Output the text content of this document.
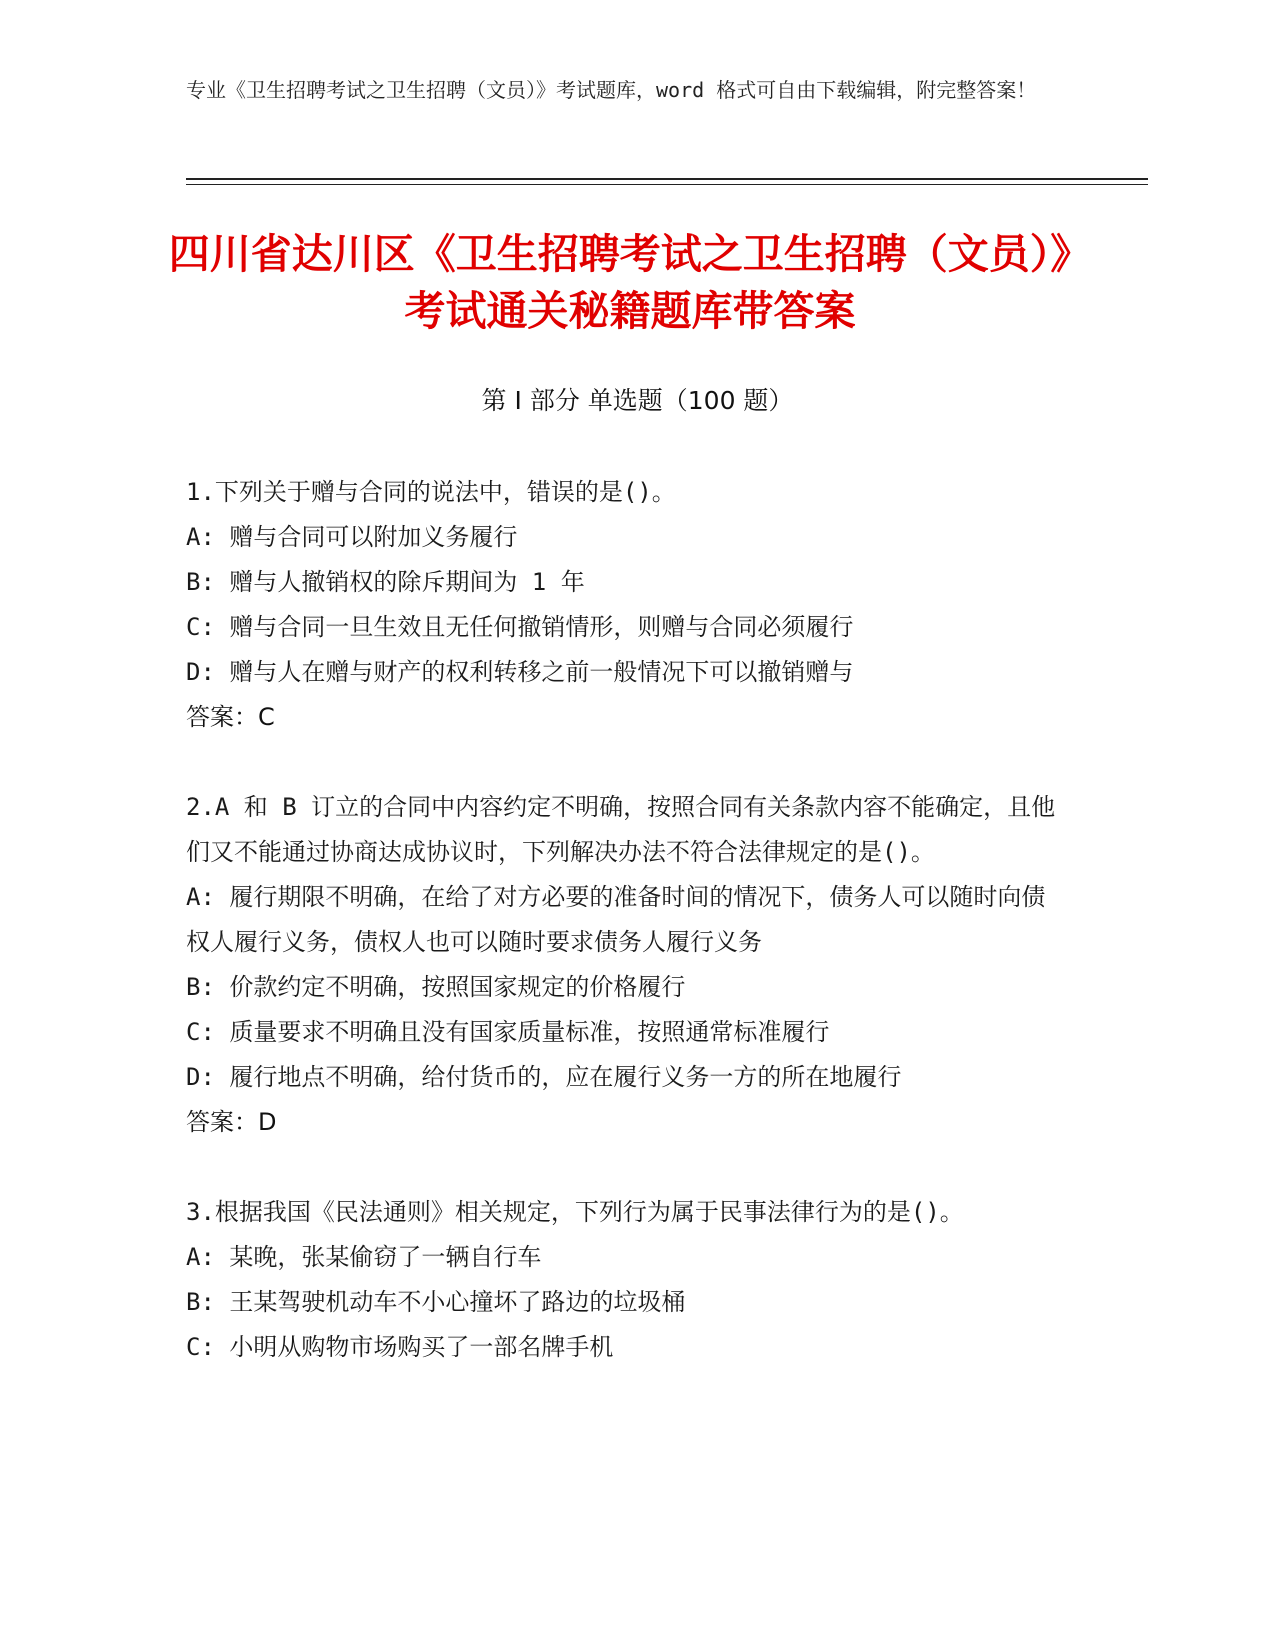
专业《卫生招聘考试之卫生招聘（文员）》考试题库，word 格式可自由下载编辑，附完整答案！
四川省达川区《卫生招聘考试之卫生招聘（文员）》考试通关秘籍题库带答案
第 I 部分 单选题（100 题）
1.下列关于赠与合同的说法中，错误的是()。
A: 赠与合同可以附加义务履行
B: 赠与人撤销权的除斥期间为 1 年
C: 赠与合同一旦生效且无任何撤销情形，则赠与合同必须履行
D: 赠与人在赠与财产的权利转移之前一般情况下可以撤销赠与
答案：C
2.A 和 B 订立的合同中内容约定不明确，按照合同有关条款内容不能确定，且他们又不能通过协商达成协议时，下列解决办法不符合法律规定的是()。
A: 履行期限不明确，在给了对方必要的准备时间的情况下，债务人可以随时向债权人履行义务，债权人也可以随时要求债务人履行义务
B: 价款约定不明确，按照国家规定的价格履行
C: 质量要求不明确且没有国家质量标准，按照通常标准履行
D: 履行地点不明确，给付货币的，应在履行义务一方的所在地履行
答案：D
3.根据我国《民法通则》相关规定，下列行为属于民事法律行为的是()。
A: 某晚，张某偷窃了一辆自行车
B: 王某驾驶机动车不小心撞坏了路边的垃圾桶
C: 小明从购物市场购买了一部名牌手机
